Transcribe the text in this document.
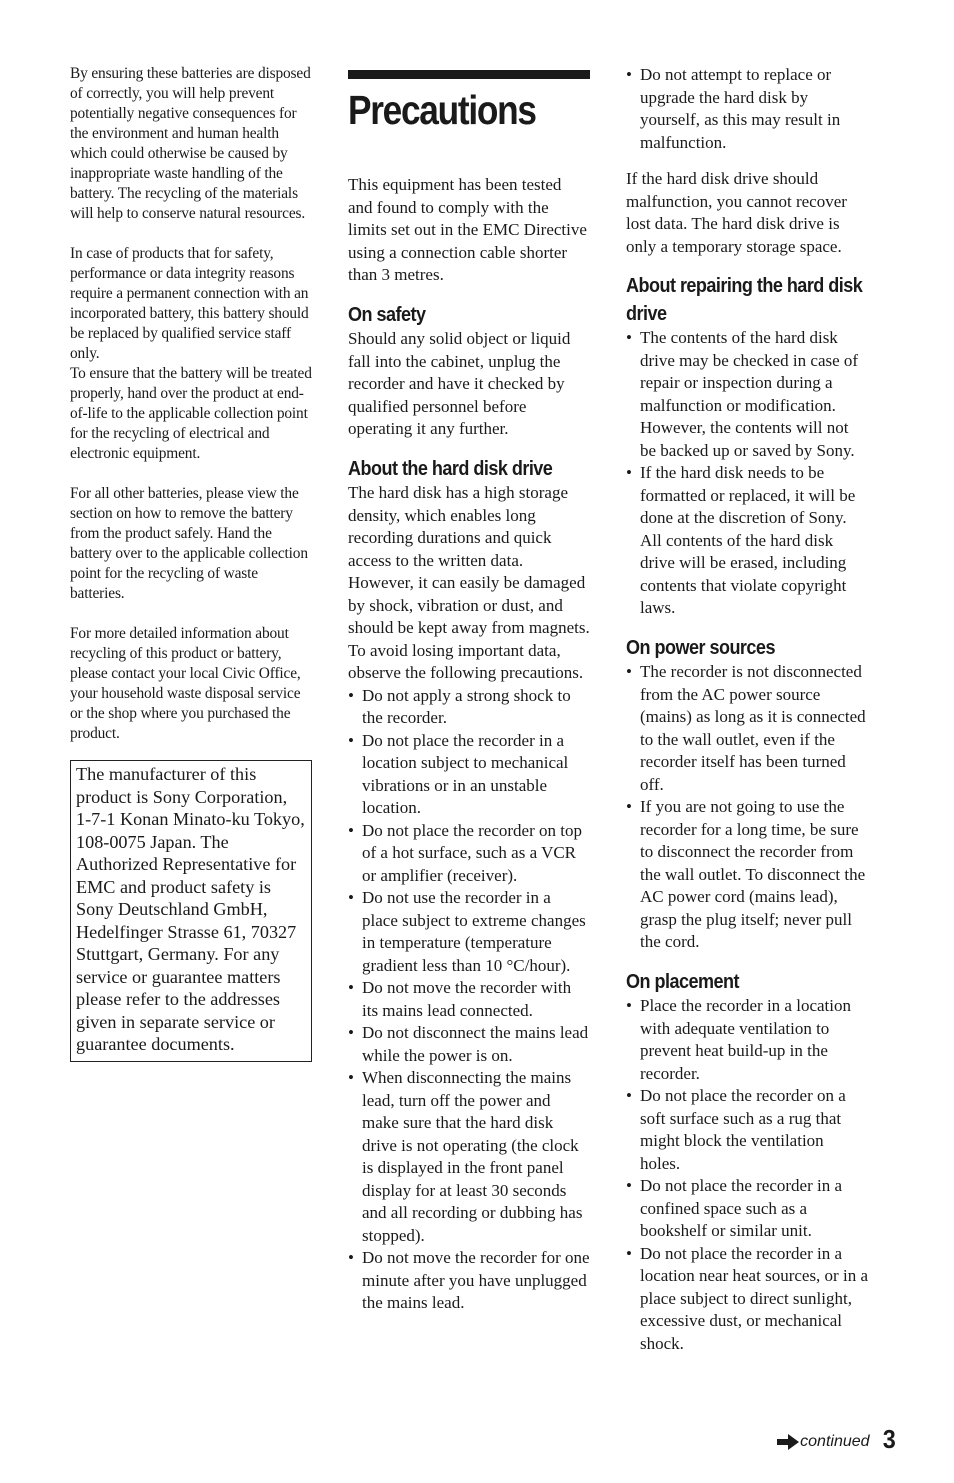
By ensuring these batteries are disposed of correctly, you will help prevent potentially negative consequences for the environment and human health which could otherwise be caused by inappropriate waste handling of the battery. The recycling of the materials will help to conserve natural resources.

In case of products that for safety, performance or data integrity reasons require a permanent connection with an incorporated battery, this battery should be replaced by qualified service staff only.

To ensure that the battery will be treated properly, hand over the product at end-of-life to the applicable collection point for the recycling of electrical and electronic equipment.

For all other batteries, please view the section on how to remove the battery from the product safely. Hand the battery over to the applicable collection point for the recycling of waste batteries.

For more detailed information about recycling of this product or battery, please contact your local Civic Office, your household waste disposal service or the shop where you purchased the product.

The manufacturer of this product is Sony Corporation, 1-7-1 Konan Minato-ku Tokyo, 108-0075 Japan. The Authorized Representative for EMC and product safety is Sony Deutschland GmbH, Hedelfinger Strasse 61, 70327 Stuttgart, Germany. For any service or guarantee matters please refer to the addresses given in separate service or guarantee documents.
Precautions

This equipment has been tested and found to comply with the limits set out in the EMC Directive using a connection cable shorter than 3 metres.

On safety

Should any solid object or liquid fall into the cabinet, unplug the recorder and have it checked by qualified personnel before operating it any further.

About the hard disk drive

The hard disk has a high storage density, which enables long recording durations and quick access to the written data. However, it can easily be damaged by shock, vibration or dust, and should be kept away from magnets. To avoid losing important data, observe the following precautions.

• Do not apply a strong shock to the recorder.
• Do not place the recorder in a location subject to mechanical vibrations or in an unstable location.
• Do not place the recorder on top of a hot surface, such as a VCR or amplifier (receiver).
• Do not use the recorder in a place subject to extreme changes in temperature (temperature gradient less than 10 °C/hour).
• Do not move the recorder with its mains lead connected.
• Do not disconnect the mains lead while the power is on.
• When disconnecting the mains lead, turn off the power and make sure that the hard disk drive is not operating (the clock is displayed in the front panel display for at least 30 seconds and all recording or dubbing has stopped).
• Do not move the recorder for one minute after you have unplugged the mains lead.
• Do not attempt to replace or upgrade the hard disk by yourself, as this may result in malfunction.

If the hard disk drive should malfunction, you cannot recover lost data. The hard disk drive is only a temporary storage space.

About repairing the hard disk drive
• The contents of the hard disk drive may be checked in case of repair or inspection during a malfunction or modification. However, the contents will not be backed up or saved by Sony.
• If the hard disk needs to be formatted or replaced, it will be done at the discretion of Sony. All contents of the hard disk drive will be erased, including contents that violate copyright laws.
On power sources
• The recorder is not disconnected from the AC power source (mains) as long as it is connected to the wall outlet, even if the recorder itself has been turned off.
• If you are not going to use the recorder for a long time, be sure to disconnect the recorder from the wall outlet. To disconnect the AC power cord (mains lead), grasp the plug itself; never pull the cord.
On placement
• Place the recorder in a location with adequate ventilation to prevent heat build-up in the recorder.
• Do not place the recorder on a soft surface such as a rug that might block the ventilation holes.
• Do not place the recorder in a confined space such as a bookshelf or similar unit.
• Do not place the recorder in a location near heat sources, or in a place subject to direct sunlight, excessive dust, or mechanical shock.
continued 3
